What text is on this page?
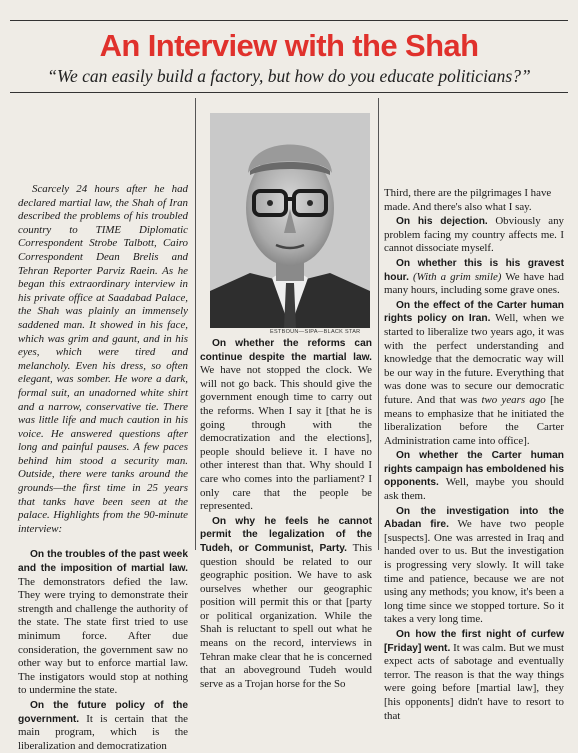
An Interview with the Shah
“We can easily build a factory, but how do you educate politicians?”

Scarcely 24 hours after he had declared martial law, the Shah of Iran described the problems of his troubled country to TIME Diplomatic Correspondent Strobe Talbott, Cairo Correspondent Dean Brelis and Tehran Reporter Parviz Raein. As he began this extraordinary interview in his private office at Saadabad Palace, the Shah was plainly an immensely saddened man. It showed in his face, which was grim and gaunt, and in his eyes, which were tired and melancholy. Even his dress, so often elegant, was somber. He wore a dark, formal suit, an unadorned white shirt and a narrow, conservative tie. There was little life and much caution in his voice. He answered questions after long and painful pauses. A few paces behind him stood a security man. Outside, there were tanks around the grounds—the first time in 25 years that tanks have been seen at the palace. Highlights from the 90-minute interview:

On the troubles of the past week and the imposition of martial law. The demonstrators defied the law. They were trying to demonstrate their strength and challenge the authority of the state. The state first tried to use minimum force. After due consideration, the government saw no other way but to enforce martial law. The instigators would stop at nothing to undermine the state.

On the future policy of the government. It is certain that the main program, which is the liberalization and democratization

ESTBOUN—SIPA—BLACK STAR

On whether the reforms can continue despite the martial law. We have not stopped the clock. We will not go back. This should give the government enough time to carry out the reforms. When I say it [that he is going through with the democratization and the elections], people should believe it. I have no other interest than that. Why should I care who comes into the parliament? I only care that the people be represented.

On why he feels he cannot permit the legalization of the Tudeh, or Communist, Party. This question should be related to our geographic position. We have to ask ourselves whether our geographic position will permit this or that [party or political organization. While the Shah is reluctant to spell out what he means on the record, interviews in Tehran make clear that he is concerned that an aboveground Tudeh would serve as a Trojan horse for the So

Third, there are the pilgrimages I have made. And there's also what I say.

On his dejection. Obviously any problem facing my country affects me. I cannot dissociate myself.

On whether this is his gravest hour. (With a grim smile) We have had many hours, including some grave ones.

On the effect of the Carter human rights policy on Iran. Well, when we started to liberalize two years ago, it was with the perfect understanding and knowledge that the democratic way will be our way in the future. Everything that was done was to secure our democratic future. And that was two years ago [he means to emphasize that he initiated the liberalization before the Carter Administration came into office].

On whether the Carter human rights campaign has emboldened his opponents. Well, maybe you should ask them.

On the investigation into the Abadan fire. We have two people [suspects]. One was arrested in Iraq and handed over to us. But the investigation is progressing very slowly. It will take time and patience, because we are not using any methods; you know, it's been a long time since we stopped torture. So it takes a very long time.

On how the first night of curfew [Friday] went. It was calm. But we must expect acts of sabotage and eventually terror. The reason is that the way things were going before [martial law], they [his opponents] didn't have to resort to that
